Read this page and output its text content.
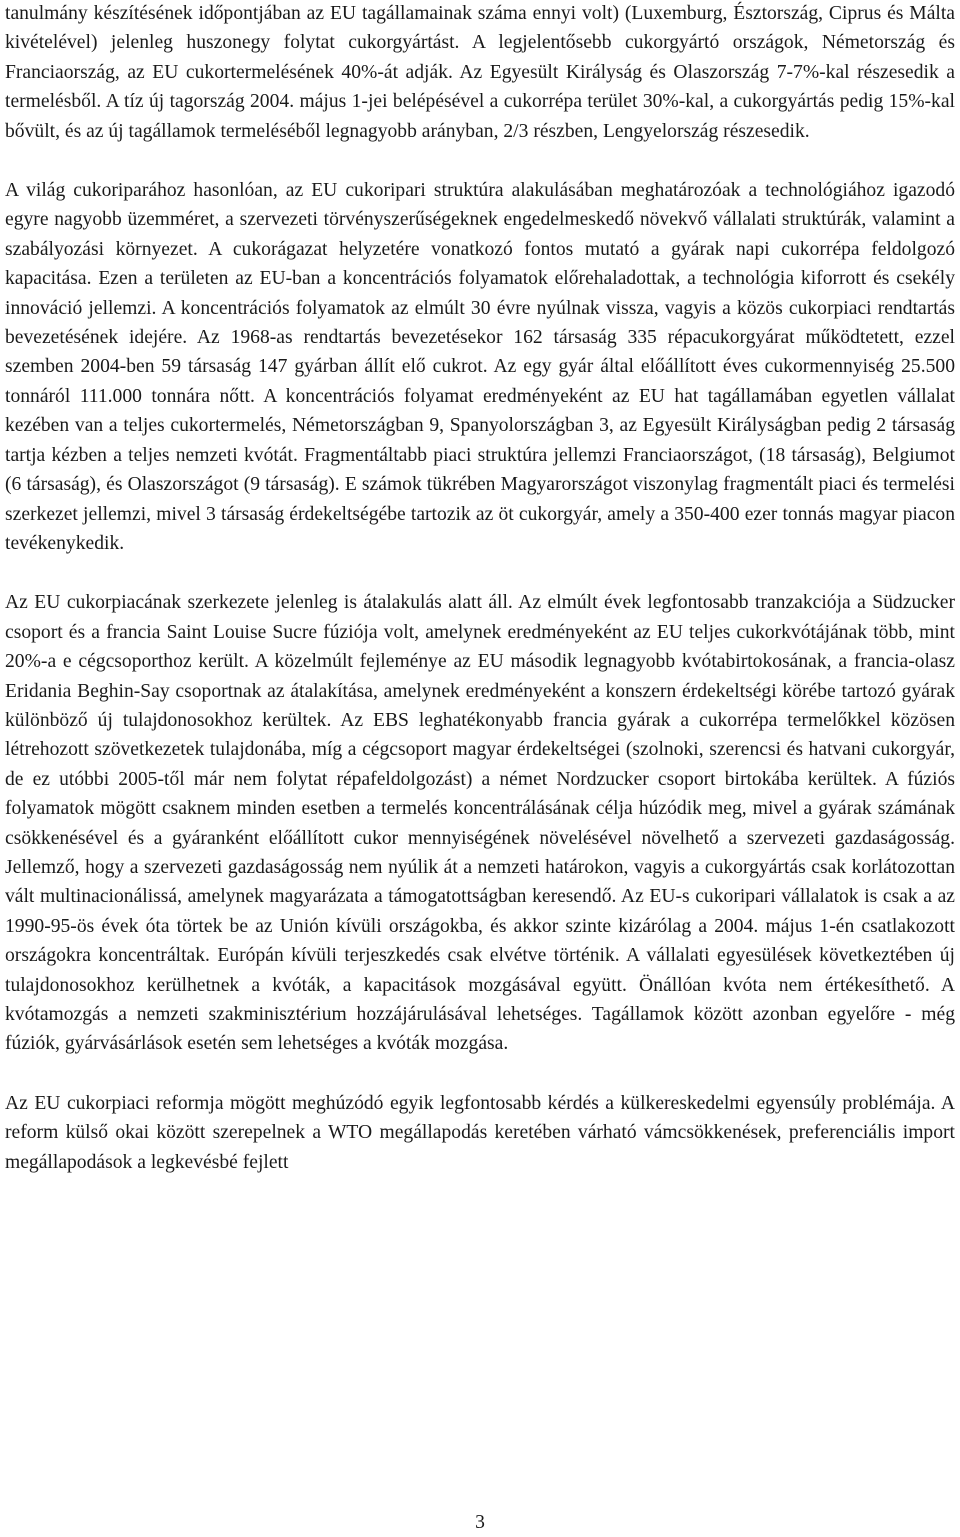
tanulmány készítésének időpontjában az EU tagállamainak száma ennyi volt) (Luxemburg, Észtország, Ciprus és Málta kivételével) jelenleg huszonegy folytat cukorgyártást. A legjelentősebb cukorgyártó országok, Németország és Franciaország, az EU cukortermelésének 40%-át adják. Az Egyesült Királyság és Olaszország 7-7%-kal részesedik a termelésből. A tíz új tagország 2004. május 1-jei belépésével a cukorrépa terület 30%-kal, a cukorgyártás pedig 15%-kal bővült, és az új tagállamok termeléséből legnagyobb arányban, 2/3 részben, Lengyelország részesedik.

A világ cukoriparához hasonlóan, az EU cukoripari struktúra alakulásában meghatározóak a technológiához igazodó egyre nagyobb üzemméret, a szervezeti törvényszerűségeknek engedelmeskedő növekvő vállalati struktúrák, valamint a szabályozási környezet. A cukorágazat helyzetére vonatkozó fontos mutató a gyárak napi cukorrépa feldolgozó kapacitása. Ezen a területen az EU-ban a koncentrációs folyamatok előrehaladottak, a technológia kiforrott és csekély innováció jellemzi. A koncentrációs folyamatok az elmúlt 30 évre nyúlnak vissza, vagyis a közös cukorpiaci rendtartás bevezetésének idejére. Az 1968-as rendtartás bevezetésekor 162 társaság 335 répacukorgyárat működtetett, ezzel szemben 2004-ben 59 társaság 147 gyárban állít elő cukrot. Az egy gyár által előállított éves cukormennyiség 25.500 tonnáról 111.000 tonnára nőtt. A koncentrációs folyamat eredményeként az EU hat tagállamában egyetlen vállalat kezében van a teljes cukortermelés, Németországban 9, Spanyolországban 3, az Egyesült Királyságban pedig 2 társaság tartja kézben a teljes nemzeti kvótát. Fragmentáltabb piaci struktúra jellemzi Franciaországot, (18 társaság), Belgiumot (6 társaság), és Olaszországot (9 társaság). E számok tükrében Magyarországot viszonylag fragmentált piaci és termelési szerkezet jellemzi, mivel 3 társaság érdekeltségébe tartozik az öt cukorgyár, amely a 350-400 ezer tonnás magyar piacon tevékenykedik.

Az EU cukorpiacának szerkezete jelenleg is átalakulás alatt áll. Az elmúlt évek legfontosabb tranzakciója a Südzucker csoport és a francia Saint Louise Sucre fúziója volt, amelynek eredményeként az EU teljes cukorkvótájának több, mint 20%-a e cégcsoporthoz került. A közelmúlt fejleménye az EU második legnagyobb kvótabirtokosának, a francia-olasz Eridania Beghin-Say csoportnak az átalakítása, amelynek eredményeként a konszern érdekeltségi körébe tartozó gyárak különböző új tulajdonosokhoz kerültek. Az EBS leghatékonyabb francia gyárak a cukorrépa termelőkkel közösen létrehozott szövetkezetek tulajdonába, míg a cégcsoport magyar érdekeltségei (szolnoki, szerencsi és hatvani cukorgyár, de ez utóbbi 2005-től már nem folytat répafeldolgozást) a német Nordzucker csoport birtokába kerültek. A fúziós folyamatok mögött csaknem minden esetben a termelés koncentrálásának célja húzódik meg, mivel a gyárak számának csökkenésével és a gyáranként előállított cukor mennyiségének növelésével növelhető a szervezeti gazdaságosság. Jellemző, hogy a szervezeti gazdaságosság nem nyúlik át a nemzeti határokon, vagyis a cukorgyártás csak korlátozottan vált multinacionálissá, amelynek magyarázata a támogatottságban keresendő. Az EU-s cukoripari vállalatok is csak a az 1990-95-ös évek óta törtek be az Unión kívüli országokba, és akkor szinte kizárólag a 2004. május 1-én csatlakozott országokra koncentráltak. Európán kívüli terjeszkedés csak elvétve történik. A vállalati egyesülések következtében új tulajdonosokhoz kerülhetnek a kvóták, a kapacitások mozgásával együtt. Önállóan kvóta nem értékesíthető. A kvótamozgás a nemzeti szakminisztérium hozzájárulásával lehetséges. Tagállamok között azonban egyelőre - még fúziók, gyárvásárlások esetén sem lehetséges a kvóták mozgása.

Az EU cukorpiaci reformja mögött meghúzódó egyik legfontosabb kérdés a külkereskedelmi egyensúly problémája. A reform külső okai között szerepelnek a WTO megállapodás keretében várható vámcsökkenések, preferenciális import megállapodások a legkevésbé fejlett

3
